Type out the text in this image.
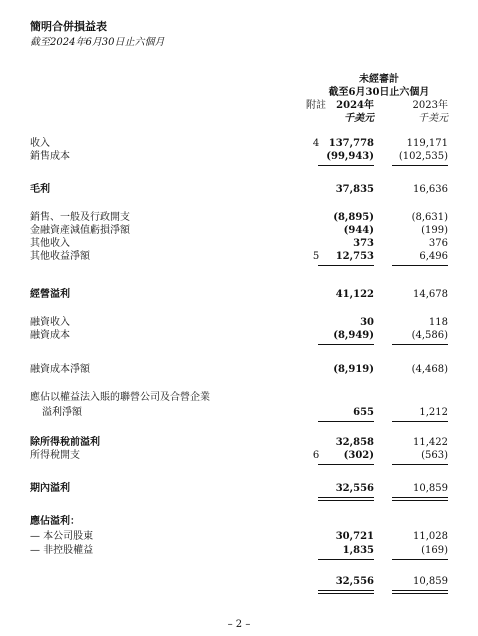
簡明合併損益表
截至2024年6月30日止六個月
未經審計
截至6月30日止六個月
附註	2024年	2023年
千美元	千美元
收入	4 137,778	119,171
銷售成本	(99,943)	(102,535)
毛利	37,835	16,636
銷售、一般及行政開支	(8,895)	(8,631)
金融資產減值虧損淨額	(944)	(199)
其他收入	373	376
其他收益淨額	5	12,753	6,496
經營溢利	41,122	14,678
融資收入	30	118
融資成本	(8,949)	(4,586)
融資成本淨額	(8,919)	(4,468)
應佔以權益法入賬的聯營公司及合營企業
溢利淨額	655	1,212
除所得稅前溢利	32,858	11,422
所得稅開支	6	(302)	(563)
期內溢利	32,556	10,859
應佔溢利：
— 本公司股東	30,721	11,028
— 非控股權益	1,835	(169)
32,556	10,859
– 2 –
